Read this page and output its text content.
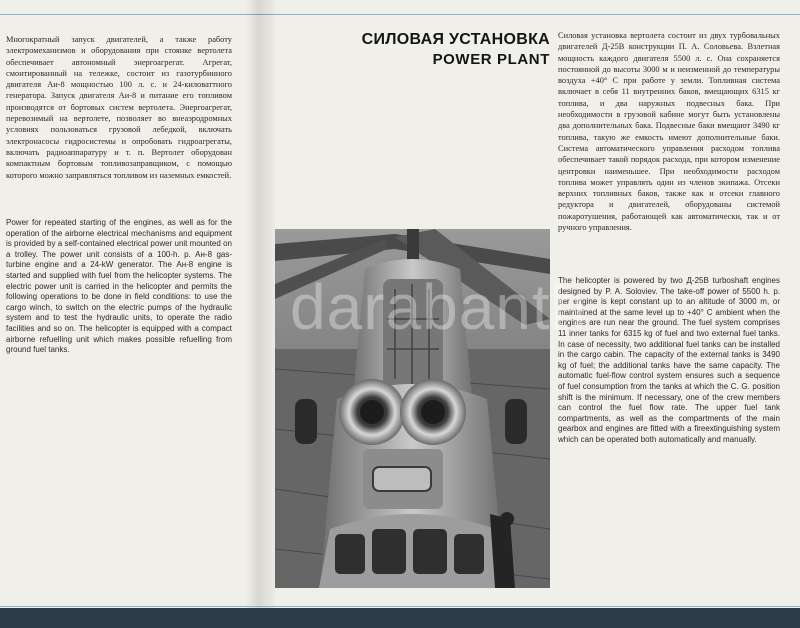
Многократный запуск двигателей, а также работу электромеханизмов и оборудования при стоянке вертолета обеспечивает автономный энергоагрегат. Агрегат, смонтированный на тележке, состоит из газотурбинного двигателя Аи-8 мощностью 100 л. с. и 24-киловаттного генератора. Запуск двигателя Аи-8 и питание его топливом производятся от бортовых систем вертолета. Энергоагрегат, перевозимый на вертолете, позволяет во внеаэродромных условиях пользоваться грузовой лебедкой, включать электронасосы гидросистемы и опробовать гидроагрегаты, включать радиоаппаратуру и т. п. Вертолет оборудован компактным бортовым топливозаправщиком, с помощью которого можно заправляться топливом из наземных емкостей.

Power for repeated starting of the engines, as well as for the operation of the airborne electrical mechanisms and equipment is provided by a self-contained electrical power unit mounted on a trolley. The power unit consists of a 100-h. p. Ан-8 gas-turbine engine and a 24-kW generator. The Ан-8 engine is started and supplied with fuel from the helicopter systems. The electric power unit is carried in the helicopter and permits the following operations to be done in field conditions: to use the cargo winch, to switch on the electric pumps of the hydraulic system and to test the hydraulic units, to operate the radio facilities and so on. The helicopter is equipped with a compact airborne refuelling unit which makes possible refuelling from ground fuel tanks.

СИЛОВАЯ УСТАНОВКА
POWER PLANT

Силовая установка вертолета состоит из двух турбовальных двигателей Д-25В конструкции П. А. Соловьева. Взлетная мощность каждого двигателя 5500 л. с. Она сохраняется постоянной до высоты 3000 м и неизменной до температуры воздуха +40° С при работе у земли. Топливная система включает в себя 11 внутренних баков, вмещающих 6315 кг топлива, и два наружных подвесных бака. При необходимости в грузовой кабине могут быть установлены два дополнительных бака. Подвесные баки вмещают 3490 кг топлива, такую же емкость имеют дополнительные баки. Система автоматического управления расходом топлива обеспечивает такой порядок расхода, при котором изменение центровки наименьшее. При необходимости расходом топлива может управлять один из членов экипажа. Отсеки верхних топливных баков, также как и отсеки главного редуктора и двигателей, оборудованы системой пожаротушения, работающей как автоматически, так и от ручного управления.

The helicopter is powered by two Д-25В turboshaft engines designed by P. A. Soloviev. The take-off power of 5500 h. p. per engine is kept constant up to an altitude of 3000 m, or maintained at the same level up to +40° C ambient when the engines are run near the ground. The fuel system comprises 11 inner tanks for 6315 kg of fuel and two external fuel tanks. In case of necessity, two additional fuel tanks can be installed in the cargo cabin. The capacity of the external tanks is 3490 kg of fuel; the additional tanks have the same capacity. The automatic fuel-flow control system ensures such a sequence of fuel consumption from the tanks at which the C. G. position shift is the minimum. If necessary, one of the crew members can control the fuel flow rate. The upper fuel tank compartments, as well as the compartments of the main gearbox and engines are fitted with a fireextinguishing system which can be operated both automatically and manually.

darabanth
